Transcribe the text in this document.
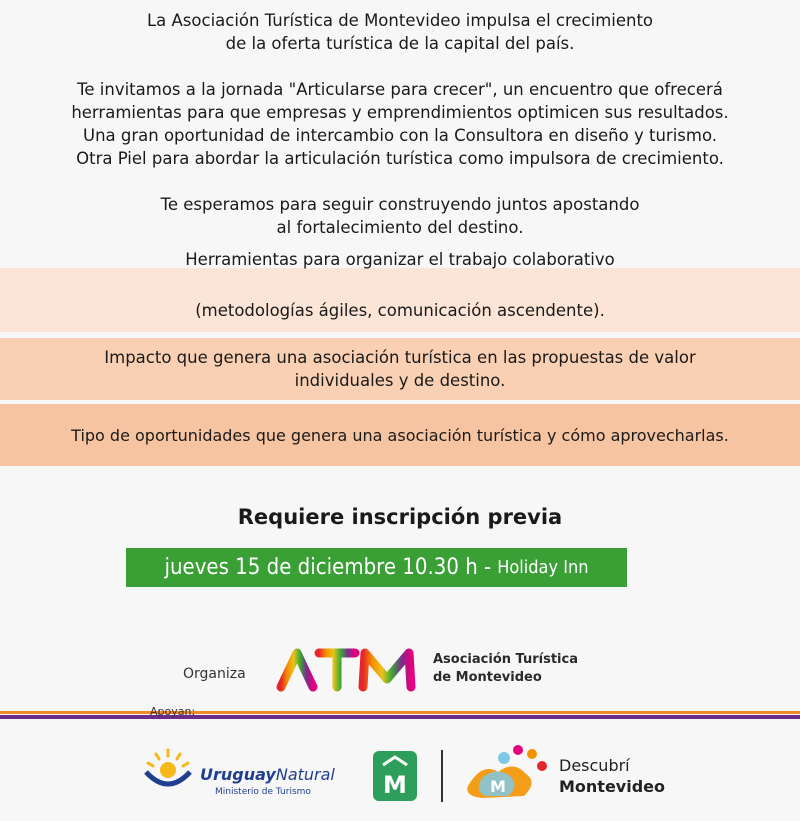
La Asociación Turística de Montevideo impulsa el crecimiento
de la oferta turística de la capital del país.

Te invitamos a la jornada "Articularse para crecer", un encuentro que ofrecerá
herramientas para que empresas y emprendimientos optimicen sus resultados.
Una gran oportunidad de intercambio con la Consultora en diseño y turismo.
Otra Piel para abordar la articulación turística como impulsora de crecimiento.

Te esperamos para seguir construyendo juntos apostando
al fortalecimiento del destino.

Herramientas para organizar el trabajo colaborativo

(metodologías ágiles, comunicación ascendente).
Impacto que genera una asociación turística en las propuestas de valor
individuales y de destino.
Tipo de oportunidades que genera una asociación turística y cómo aprovecharlas.
Requiere inscripción previa
jueves 15 de diciembre 10.30 h - Holiday Inn
Organiza
Asociación Turística
de Montevideo
Apoyan:
UruguayNatural
Ministerio de Turismo	M	M
Descubrí
Montevideo
